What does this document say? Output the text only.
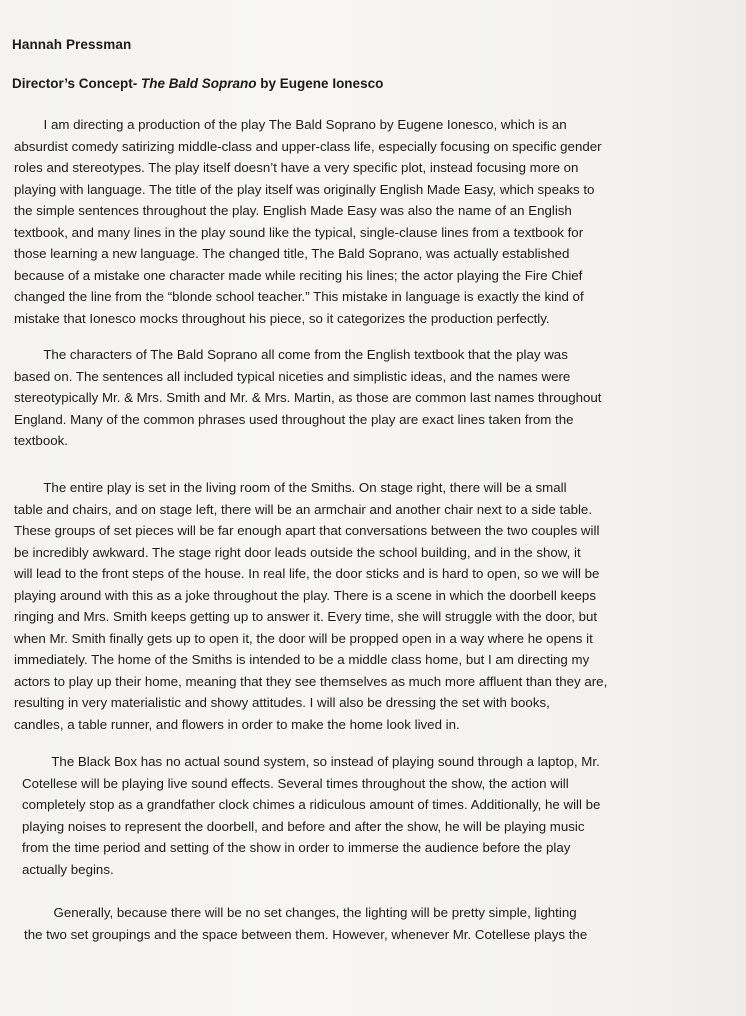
Hannah Pressman
Director’s Concept- The Bald Soprano by Eugene Ionesco
I am directing a production of the play The Bald Soprano by Eugene Ionesco, which is an
absurdist comedy satirizing middle-class and upper-class life, especially focusing on specific gender
roles and stereotypes. The play itself doesn’t have a very specific plot, instead focusing more on
playing with language. The title of the play itself was originally English Made Easy, which speaks to
the simple sentences throughout the play. English Made Easy was also the name of an English
textbook, and many lines in the play sound like the typical, single-clause lines from a textbook for
those learning a new language. The changed title, The Bald Soprano, was actually established
because of a mistake one character made while reciting his lines; the actor playing the Fire Chief
changed the line from the “blonde school teacher.” This mistake in language is exactly the kind of
mistake that Ionesco mocks throughout his piece, so it categorizes the production perfectly.
The characters of The Bald Soprano all come from the English textbook that the play was
based on. The sentences all included typical niceties and simplistic ideas, and the names were
stereotypically Mr. & Mrs. Smith and Mr. & Mrs. Martin, as those are common last names throughout
England. Many of the common phrases used throughout the play are exact lines taken from the
textbook.
The entire play is set in the living room of the Smiths. On stage right, there will be a small
table and chairs, and on stage left, there will be an armchair and another chair next to a side table.
These groups of set pieces will be far enough apart that conversations between the two couples will
be incredibly awkward. The stage right door leads outside the school building, and in the show, it
will lead to the front steps of the house. In real life, the door sticks and is hard to open, so we will be
playing around with this as a joke throughout the play. There is a scene in which the doorbell keeps
ringing and Mrs. Smith keeps getting up to answer it. Every time, she will struggle with the door, but
when Mr. Smith finally gets up to open it, the door will be propped open in a way where he opens it
immediately. The home of the Smiths is intended to be a middle class home, but I am directing my
actors to play up their home, meaning that they see themselves as much more affluent than they are,
resulting in very materialistic and showy attitudes. I will also be dressing the set with books,
candles, a table runner, and flowers in order to make the home look lived in.
The Black Box has no actual sound system, so instead of playing sound through a laptop, Mr.
Cotellese will be playing live sound effects. Several times throughout the show, the action will
completely stop as a grandfather clock chimes a ridiculous amount of times. Additionally, he will be
playing noises to represent the doorbell, and before and after the show, he will be playing music
from the time period and setting of the show in order to immerse the audience before the play
actually begins.
Generally, because there will be no set changes, the lighting will be pretty simple, lighting
the two set groupings and the space between them. However, whenever Mr. Cotellese plays the
